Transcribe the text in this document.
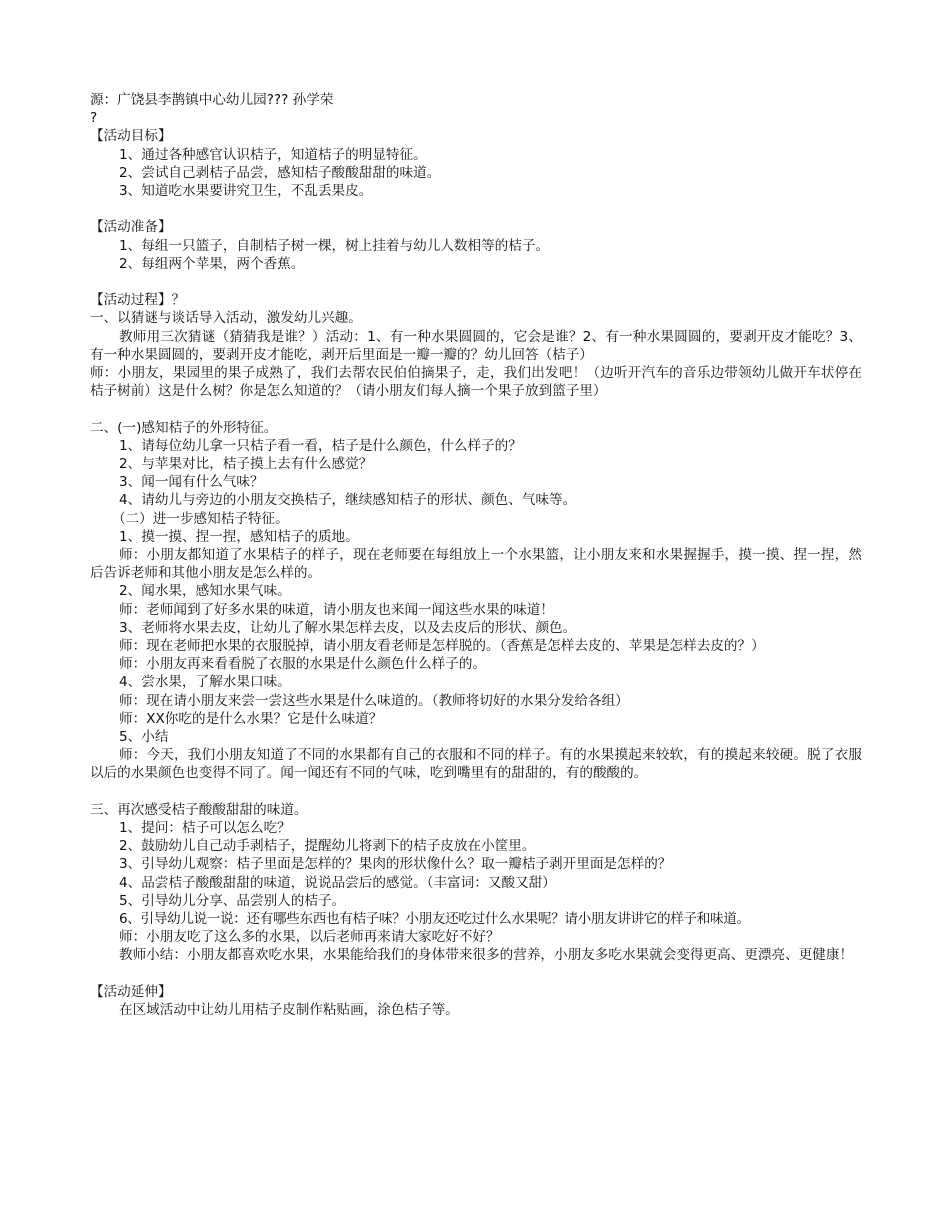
源：广饶县李鹊镇中心幼儿园??? 孙学荣
?
【活动目标】
1、通过各种感官认识桔子，知道桔子的明显特征。
2、尝试自己剥桔子品尝，感知桔子酸酸甜甜的味道。
3、知道吃水果要讲究卫生，不乱丢果皮。
【活动准备】
1、每组一只篮子，自制桔子树一棵，树上挂着与幼儿人数相等的桔子。
2、每组两个苹果，两个香蕉。
【活动过程】？
一、以猜谜与谈话导入活动，激发幼儿兴趣。
教师用三次猜谜（猜猜我是谁？）活动：1、有一种水果圆圆的，它会是谁？2、有一种水果圆圆的，要剥开皮才能吃？3、有一种水果圆圆的，要剥开皮才能吃，剥开后里面是一瓣一瓣的？幼儿回答（桔子）
师：小朋友，果园里的果子成熟了，我们去帮农民伯伯摘果子，走，我们出发吧！（边听开汽车的音乐边带领幼儿做开车状停在桔子树前）这是什么树？你是怎么知道的？（请小朋友们每人摘一个果子放到篮子里）
二、(一)感知桔子的外形特征。
1、请每位幼儿拿一只桔子看一看，桔子是什么颜色，什么样子的？
2、与苹果对比，桔子摸上去有什么感觉？
3、闻一闻有什么气味？
4、请幼儿与旁边的小朋友交换桔子，继续感知桔子的形状、颜色、气味等。
（二）进一步感知桔子特征。
1、摸一摸、捏一捏，感知桔子的质地。
师：小朋友都知道了水果桔子的样子，现在老师要在每组放上一个水果篮，让小朋友来和水果握握手，摸一摸、捏一捏，然后告诉老师和其他小朋友是怎么样的。
2、闻水果，感知水果气味。
师：老师闻到了好多水果的味道，请小朋友也来闻一闻这些水果的味道！
3、老师将水果去皮，让幼儿了解水果怎样去皮，以及去皮后的形状、颜色。
师：现在老师把水果的衣服脱掉，请小朋友看老师是怎样脱的。（香蕉是怎样去皮的、苹果是怎样去皮的？）
师：小朋友再来看看脱了衣服的水果是什么颜色什么样子的。
4、尝水果，了解水果口味。
师：现在请小朋友来尝一尝这些水果是什么味道的。（教师将切好的水果分发给各组）
师：XX你吃的是什么水果？它是什么味道？
5、小结
师：今天，我们小朋友知道了不同的水果都有自己的衣服和不同的样子。有的水果摸起来较软，有的摸起来较硬。脱了衣服以后的水果颜色也变得不同了。闻一闻还有不同的气味，吃到嘴里有的甜甜的，有的酸酸的。
三、再次感受桔子酸酸甜甜的味道。
1、提问：桔子可以怎么吃？
2、鼓励幼儿自己动手剥桔子，提醒幼儿将剥下的桔子皮放在小筐里。
3、引导幼儿观察：桔子里面是怎样的？果肉的形状像什么？取一瓣桔子剥开里面是怎样的？
4、品尝桔子酸酸甜甜的味道，说说品尝后的感觉。（丰富词：又酸又甜）
5、引导幼儿分享、品尝别人的桔子。
6、引导幼儿说一说：还有哪些东西也有桔子味？小朋友还吃过什么水果呢？请小朋友讲讲它的样子和味道。
师：小朋友吃了这么多的水果，以后老师再来请大家吃好不好？
教师小结：小朋友都喜欢吃水果，水果能给我们的身体带来很多的营养，小朋友多吃水果就会变得更高、更漂亮、更健康！
【活动延伸】
在区域活动中让幼儿用桔子皮制作粘贴画，涂色桔子等。
